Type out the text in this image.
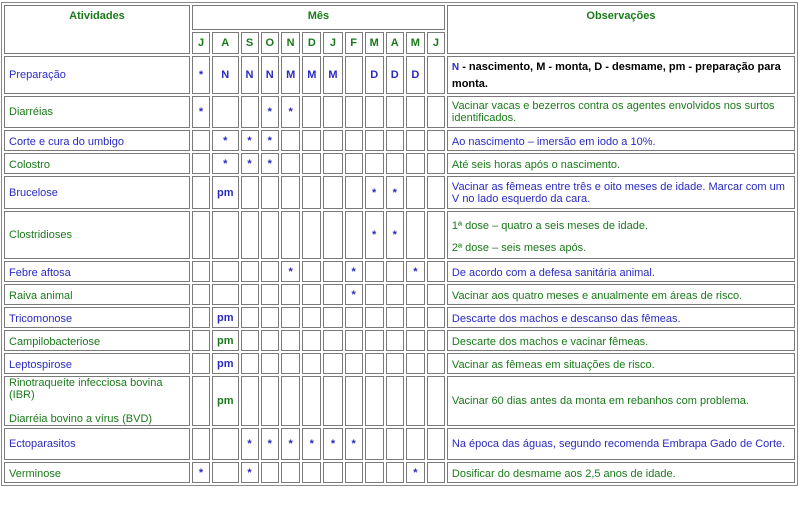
Atividades	Mês												Observações
	J	A	S	O	N	D	J	F	M	A	M	J	
Preparação	*	N	N	N	M	M	M		D	D	D		N - nascimento, M - monta, D - desmame, pm - preparação para monta.
Diarréias	*			*	*								Vacinar vacas e bezerros contra os agentes envolvidos nos surtos identificados.
Corte e cura do umbigo		*	*	*									Ao nascimento – imersão em iodo a 10%.
Colostro		*	*	*									Até seis horas após o nascimento.
Brucelose		pm							*	*			Vacinar as fêmeas entre três e oito meses de idade. Marcar com um V no lado esquerdo da cara.
Clostridioses									*	*			1ª dose – quatro a seis meses de idade.
2ª dose – seis meses após.

Febre aftosa					*			*			*		De acordo com a defesa sanitária animal.
Raiva animal								*					Vacinar aos quatro meses e anualmente em áreas de risco.
Tricomonose		pm											Descarte dos machos e descanso das fêmeas.
Campilobacteriose		pm											Descarte dos machos e vacinar fêmeas.
Leptospirose		pm											Vacinar as fêmeas em situações de risco.

Rinotraqueíte infecciosa bovina (IBR)
Diarréia bovino a vírus (BVD)		pm											Vacinar 60 dias antes da monta em rebanhos com problema.
Ectoparasitos			*	*	*	*	*	*					Na época das águas, segundo recomenda Embrapa Gado de Corte.
Verminose	*		*								*		Dosificar do desmame aos 2,5 anos de idade.
